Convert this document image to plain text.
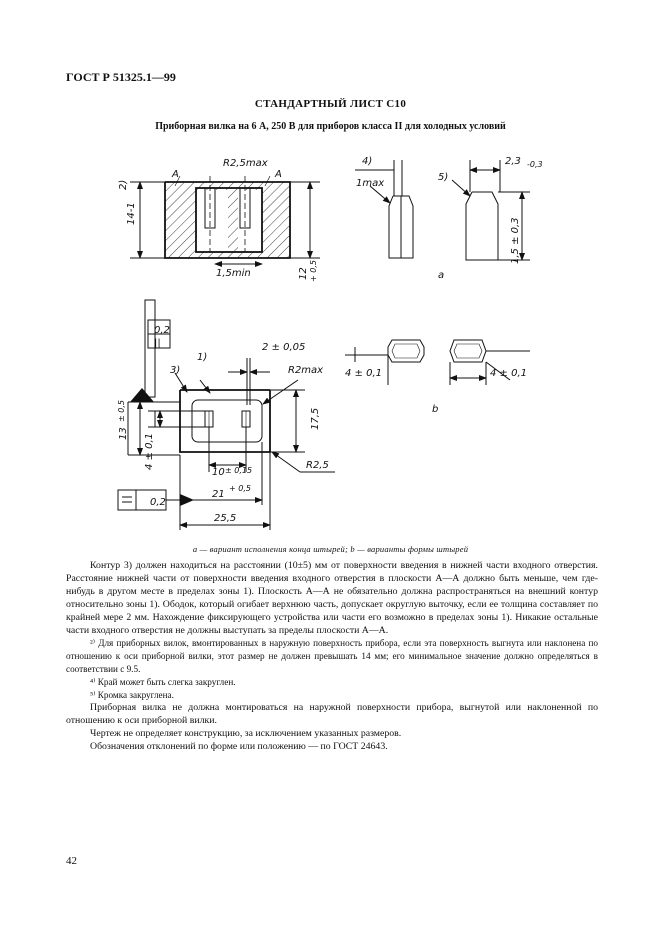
ГОСТ Р 51325.1—99
СТАНДАРТНЫЙ ЛИСТ С10
Приборная вилка на 6 А, 250 В для приборов класса II для холодных условий
A	A
R2,5max
2)
14-1
1,5min	12 + 0,5
4)
1max
5)
2,3 -0,3
1,5 ± 0,3
а
0,2
||
3)
1)
2 ± 0,05
R2max
13
± 0,5	17,5
4 ± 0,1
10 ± 0,15	R2,5
21
+ 0,5
0,2
25,5
4 ± 0,1	4 ± 0,1
b
а — вариант исполнения конца штырей; b — варианты формы штырей

Контур 3) должен находиться на расстоянии (10±5) мм от поверхности введения в нижней части входного отверстия. Расстояние нижней части от поверхности введения входного отверстия в плоскости А—А должно быть меньше, чем где-нибудь в другом месте в пределах зоны 1). Плоскость А—А не обязательно должна распространяться на внешний контур относительно зоны 1). Ободок, который огибает верхнюю часть, допускает округлую выточку, если ее толщина составляет по крайней мере 2 мм. Нахождение фиксирующего устройства или части его возможно в пределах зоны 1). Никакие остальные части входного отверстия не должны выступать за пределы плоскости А—А.

²⁾ Для приборных вилок, вмонтированных в наружную поверхность прибора, если эта поверхность выгнута или наклонена по отношению к оси приборной вилки, этот размер не должен превышать 14 мм; его минимальное значение должно определяться в соответствии с 9.5.

⁴⁾ Край может быть слегка закруглен.

⁵⁾ Кромка закруглена.

Приборная вилка не должна монтироваться на наружной поверхности прибора, выгнутой или наклоненной по отношению к оси приборной вилки.

Чертеж не определяет конструкцию, за исключением указанных размеров.

Обозначения отклонений по форме или положению — по ГОСТ 24643.

42
